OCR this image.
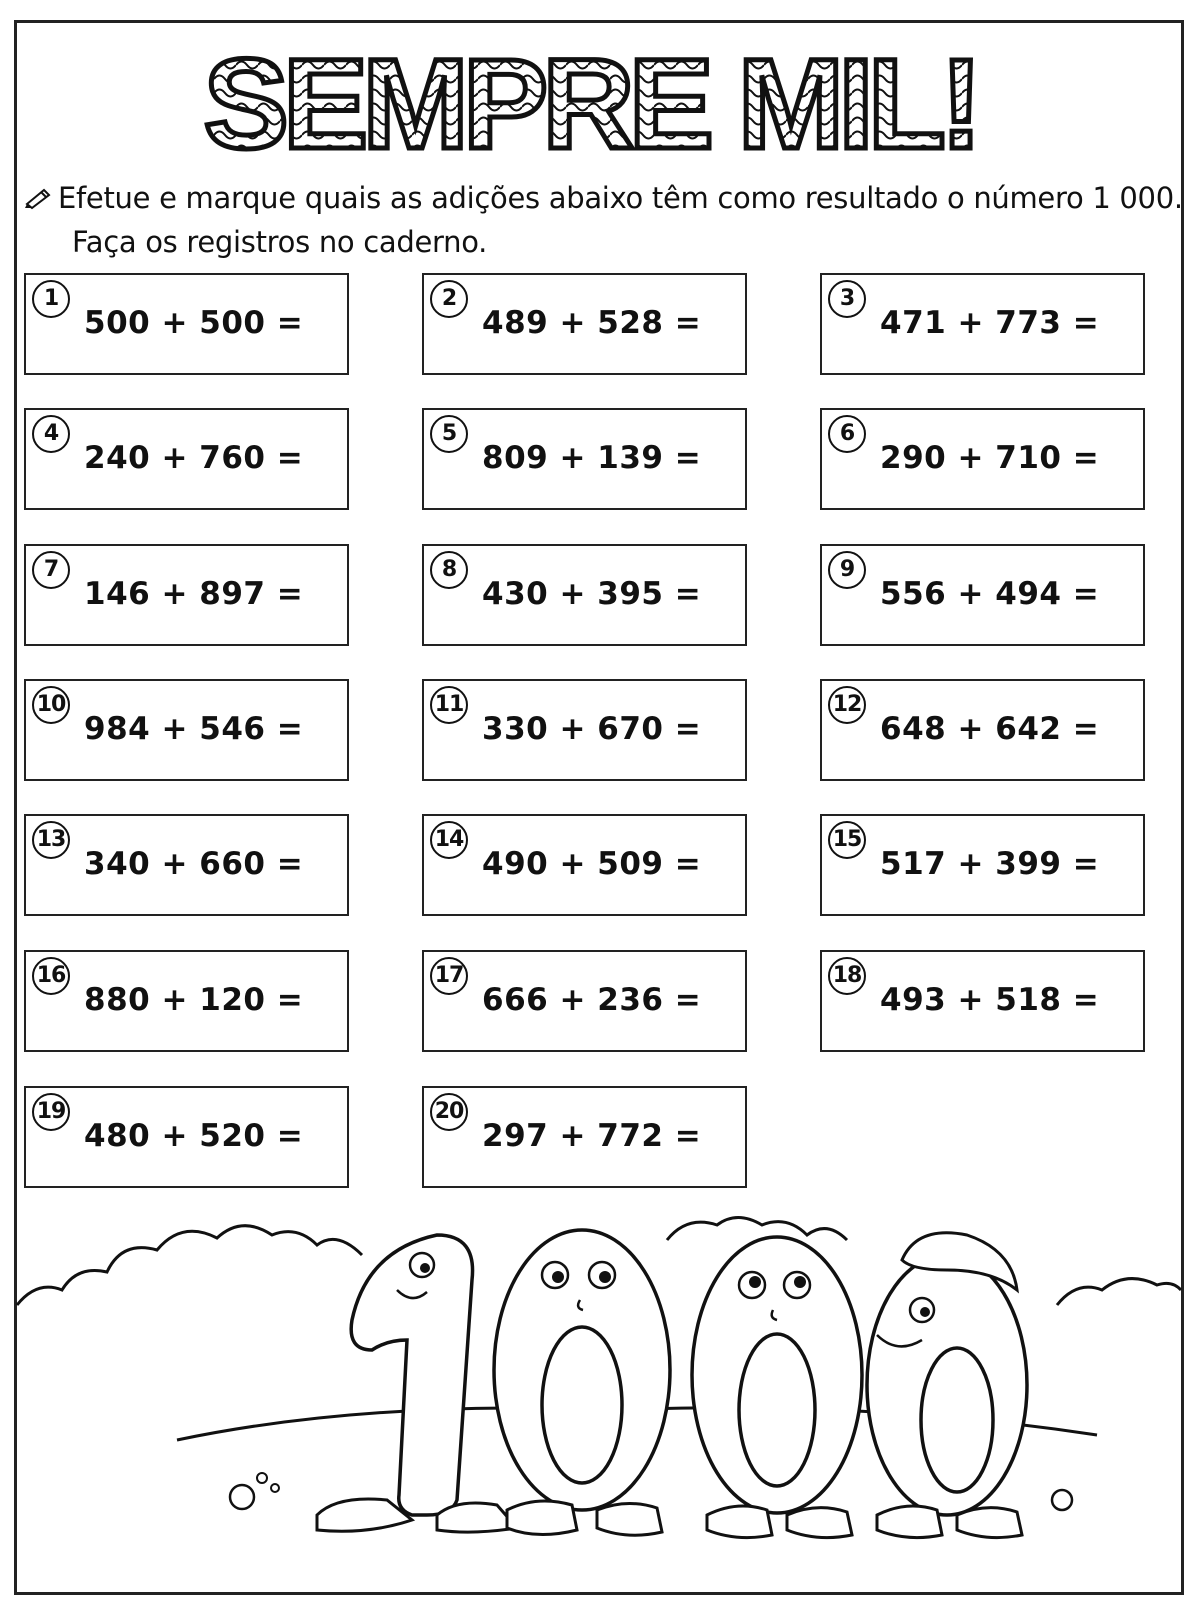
SEMPRE MIL!
Efetue e marque quais as adições abaixo têm como resultado o número 1 000.
Faça os registros no caderno.
1
500 + 500 =
2
489 + 528 =
3
471 + 773 =
4
240 + 760 =
5
809 + 139 =
6
290 + 710 =
7
146 + 897 =
8
430 + 395 =
9
556 + 494 =
10
984 + 546 =
11
330 + 670 =
12
648 + 642 =
13
340 + 660 =
14
490 + 509 =
15
517 + 399 =
16
880 + 120 =
17
666 + 236 =
18
493 + 518 =
19
480 + 520 =
20
297 + 772 =
1	0	0	0
